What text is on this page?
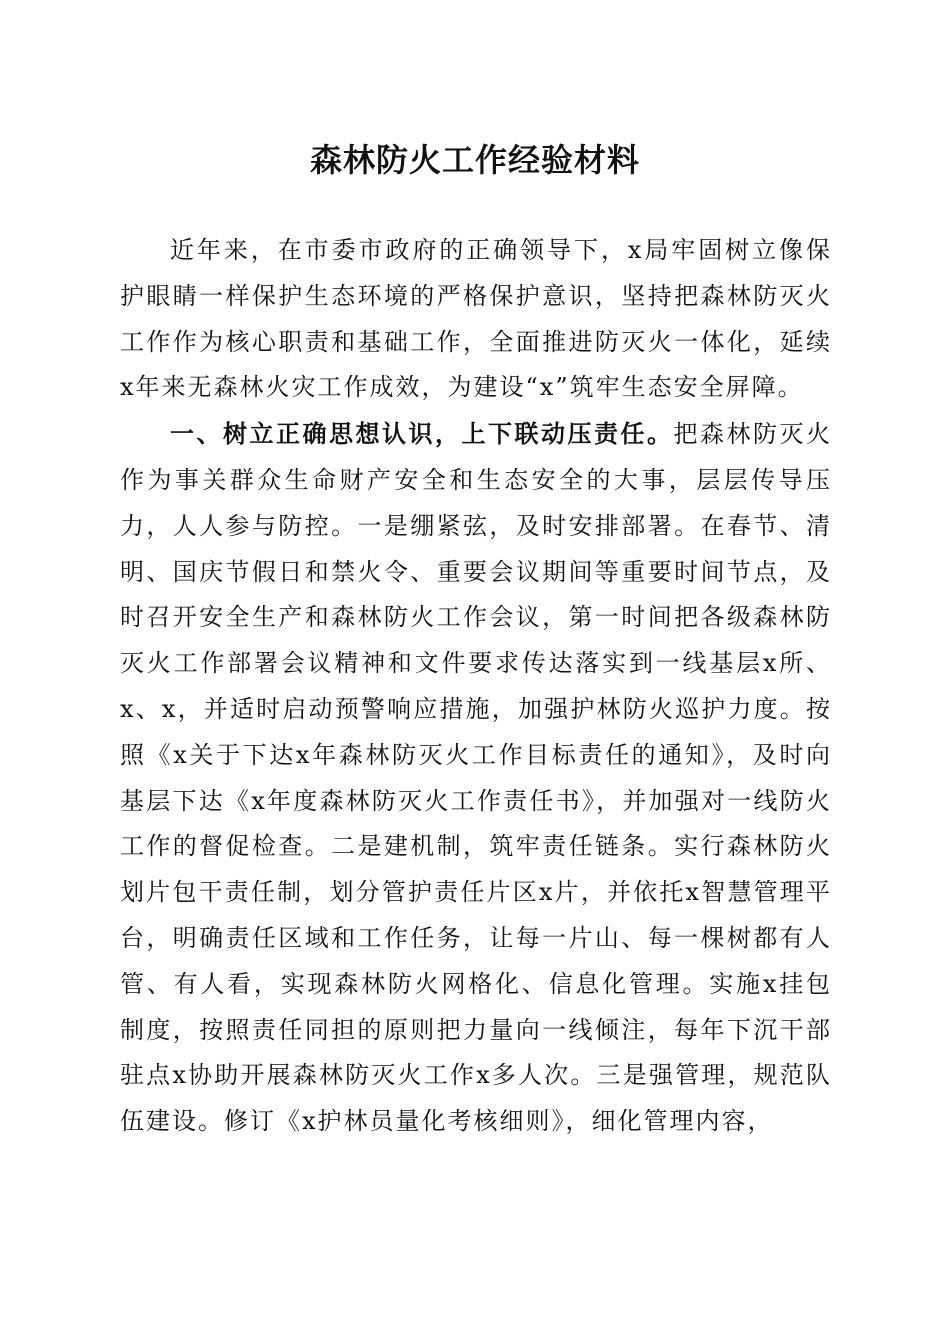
森林防火工作经验材料

近年来，在市委市政府的正确领导下，x局牢固树立像保护眼睛一样保护生态环境的严格保护意识，坚持把森林防灭火工作作为核心职责和基础工作，全面推进防灭火一体化，延续x年来无森林火灾工作成效，为建设“x”筑牢生态安全屏障。

一、树立正确思想认识，上下联动压责任。把森林防灭火作为事关群众生命财产安全和生态安全的大事，层层传导压力，人人参与防控。一是绷紧弦，及时安排部署。在春节、清明、国庆节假日和禁火令、重要会议期间等重要时间节点，及时召开安全生产和森林防火工作会议，第一时间把各级森林防灭火工作部署会议精神和文件要求传达落实到一线基层x所、x、x，并适时启动预警响应措施，加强护林防火巡护力度。按照《x关于下达x年森林防灭火工作目标责任的通知》，及时向基层下达《x年度森林防灭火工作责任书》，并加强对一线防火工作的督促检查。二是建机制，筑牢责任链条。实行森林防火划片包干责任制，划分管护责任片区x片，并依托x智慧管理平台，明确责任区域和工作任务，让每一片山、每一棵树都有人管、有人看，实现森林防火网格化、信息化管理。实施x挂包制度，按照责任同担的原则把力量向一线倾注，每年下沉干部驻点x协助开展森林防灭火工作x多人次。三是强管理，规范队伍建设。修订《x护林员量化考核细则》，细化管理内容，
